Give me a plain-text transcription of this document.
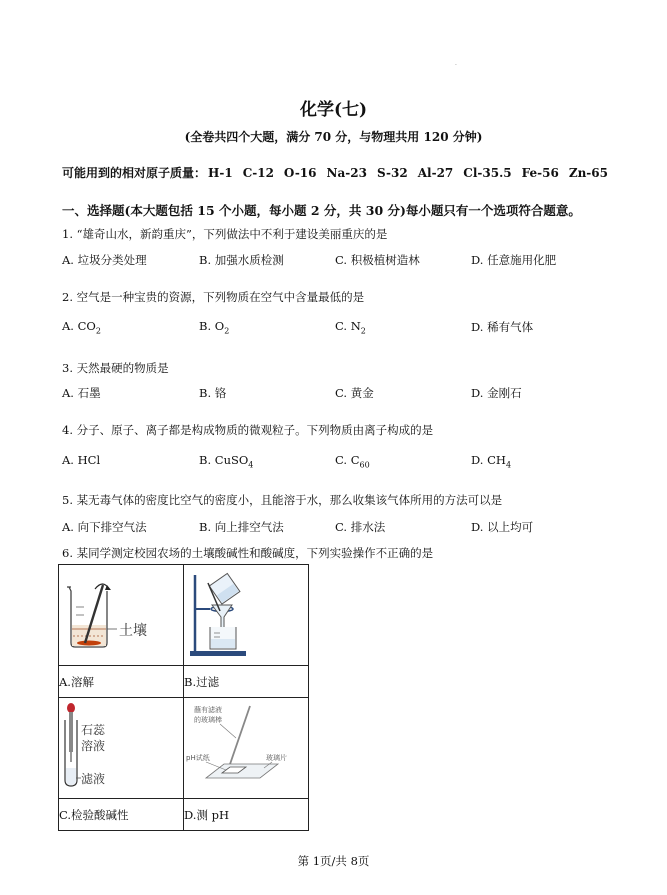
·
化学(七)
(全卷共四个大题，满分 70 分，与物理共用 120 分钟)
可能用到的相对原子质量： H-1 C-12 O-16 Na-23 S-32 Al-27 Cl-35.5 Fe-56 Zn-65
一、选择题(本大题包括 15 个小题，每小题 2 分，共 30 分)每小题只有一个选项符合题意。
1. “雄奇山水，新韵重庆”，下列做法中不利于建设美丽重庆的是
A. 垃圾分类处理	B. 加强水质检测	C. 积极植树造林	D. 任意施用化肥
2. 空气是一种宝贵的资源，下列物质在空气中含量最低的是
A. $CO_2$	B. $O_2$	C. $N_2$	D. 稀有气体
3. 天然最硬的物质是
A. 石墨	B. 铬	C. 黄金	D. 金刚石
4. 分子、原子、离子都是构成物质的微观粒子。下列物质由离子构成的是
A. HCl	B. CuSO$_4$	C. $C_{60}$	D. $CH_4$
5. 某无毒气体的密度比空气的密度小，且能溶于水，那么收集该气体所用的方法可以是
A. 向下排空气法	B. 向上排空气法	C. 排水法	D. 以上均可
6. 某同学测定校园农场的土壤酸碱性和酸碱度，下列实验操作不正确的是
土壤

A.溶解	B.过滤

石蕊
溶液
滤液	蘸有滤液
的玻璃棒
pH试纸 玻璃片

C.检验酸碱性	D.测 pH
第 1页/共 8页
